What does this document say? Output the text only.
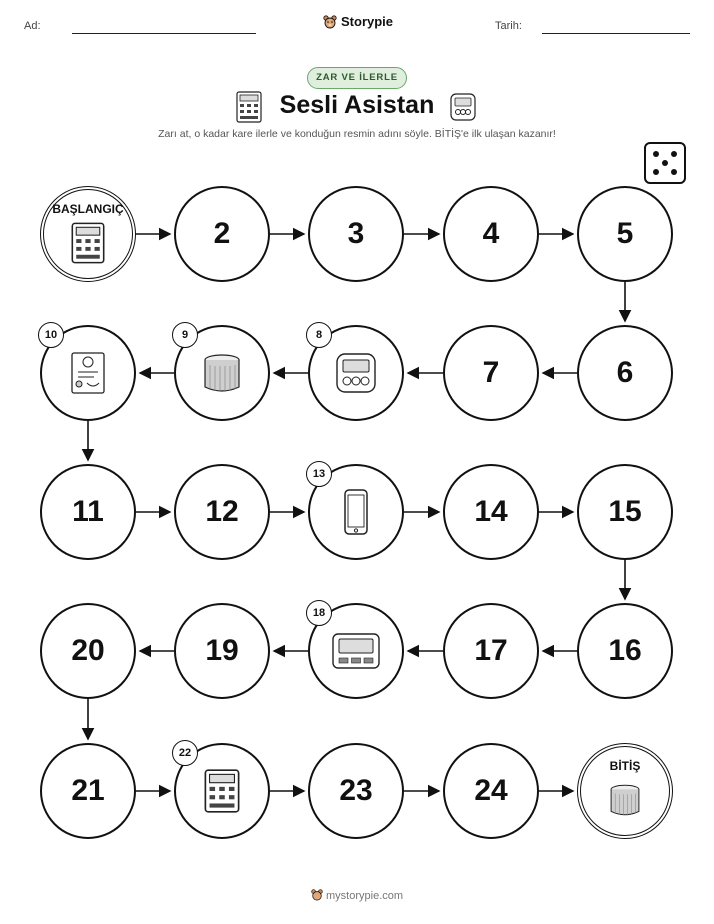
Ad:	Storypie	Tarih:
ZAR VE İLERLE
Sesli Asistan
Zarı at, o kadar kare ilerle ve konduğun resmin adını söyle. BİTİŞ'e ilk ulaşan kazanır!
BAŞLANGIÇ
2	3	4	5
10	9	8
7	6
11	12
13
14	15
20	19
18
17	16
21
22
23	24
BİTİŞ
mystorypie.com
